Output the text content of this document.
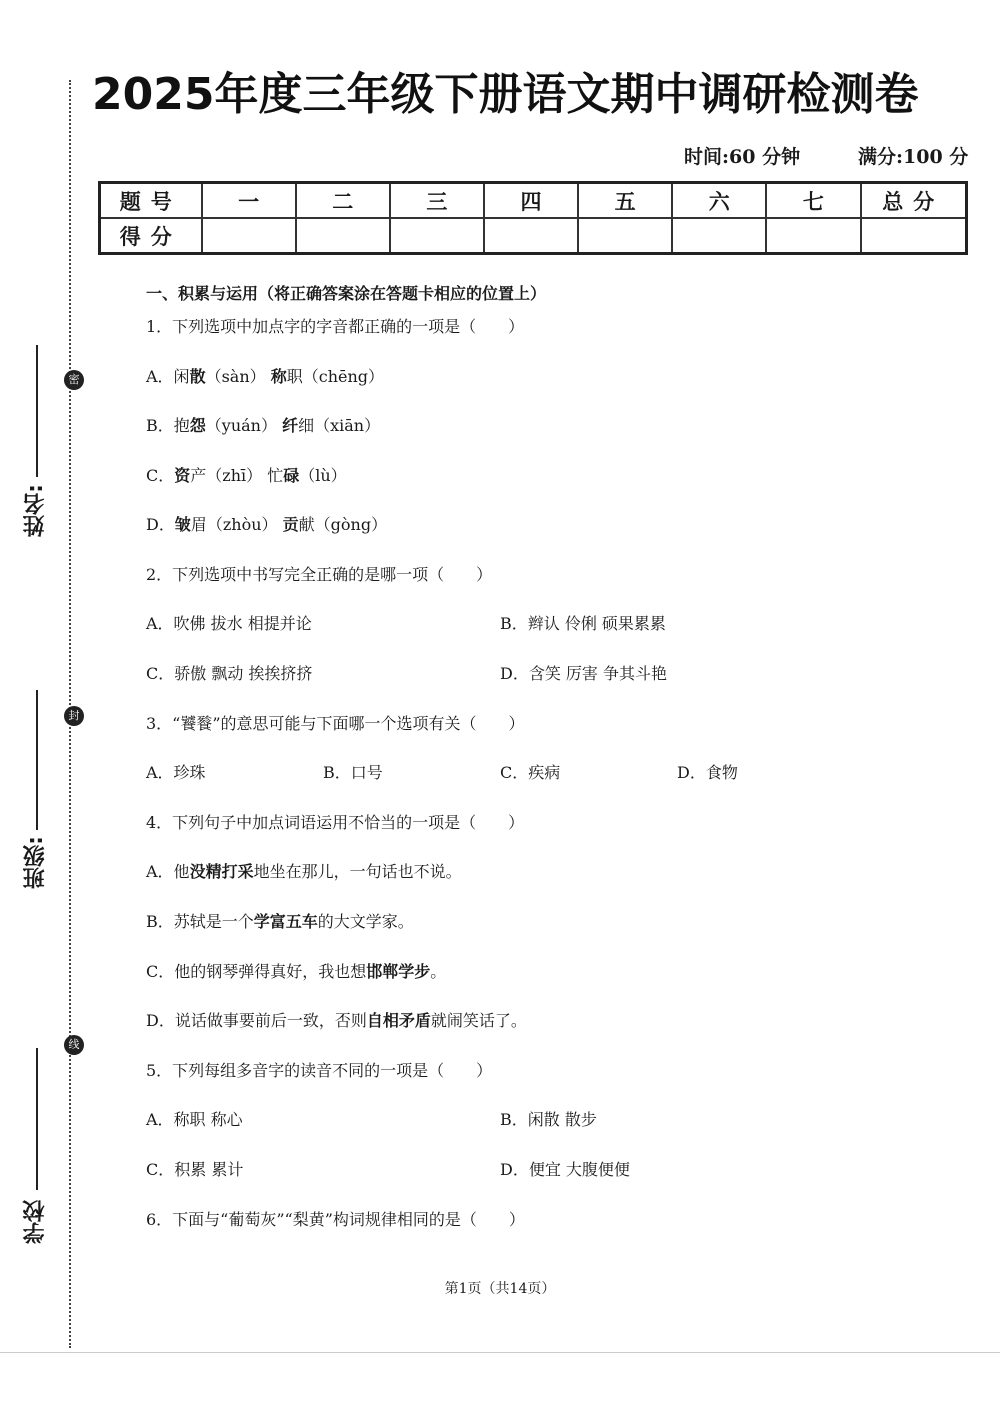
密
封
线
姓名:
班级:
学校
2025年度三年级下册语文期中调研检测卷
时间:60 分钟	满分:100 分
题号	一	二	三	四	五	六	七	总分
得分								
一、积累与运用（将正确答案涂在答题卡相应的位置上）
1．下列选项中加点字的字音都正确的一项是（　　）
A．闲散（sàn） 称职（chēng）
B．抱怨（yuán） 纤细（xiān）
C．资产（zhī） 忙碌（lù）
D．皱眉（zhòu） 贡献（gòng）
2．下列选项中书写完全正确的是哪一项（　　）
A．吹佛 拔水 相提并论	B．辫认 伶俐 硕果累累
C．骄傲 飘动 挨挨挤挤	D．含笑 厉害 争其斗艳
3．“饕餮”的意思可能与下面哪一个选项有关（　　）
A．珍珠	B．口号	C．疾病	D．食物
4．下列句子中加点词语运用不恰当的一项是（　　）
A．他没精打采地坐在那儿，一句话也不说。
B．苏轼是一个学富五车的大文学家。
C．他的钢琴弹得真好，我也想邯郸学步。
D．说话做事要前后一致，否则自相矛盾就闹笑话了。
5．下列每组多音字的读音不同的一项是（　　）
A．称职 称心	B．闲散 散步
C．积累 累计	D．便宜 大腹便便
6．下面与“葡萄灰”“梨黄”构词规律相同的是（　　）
第1页（共14页）
